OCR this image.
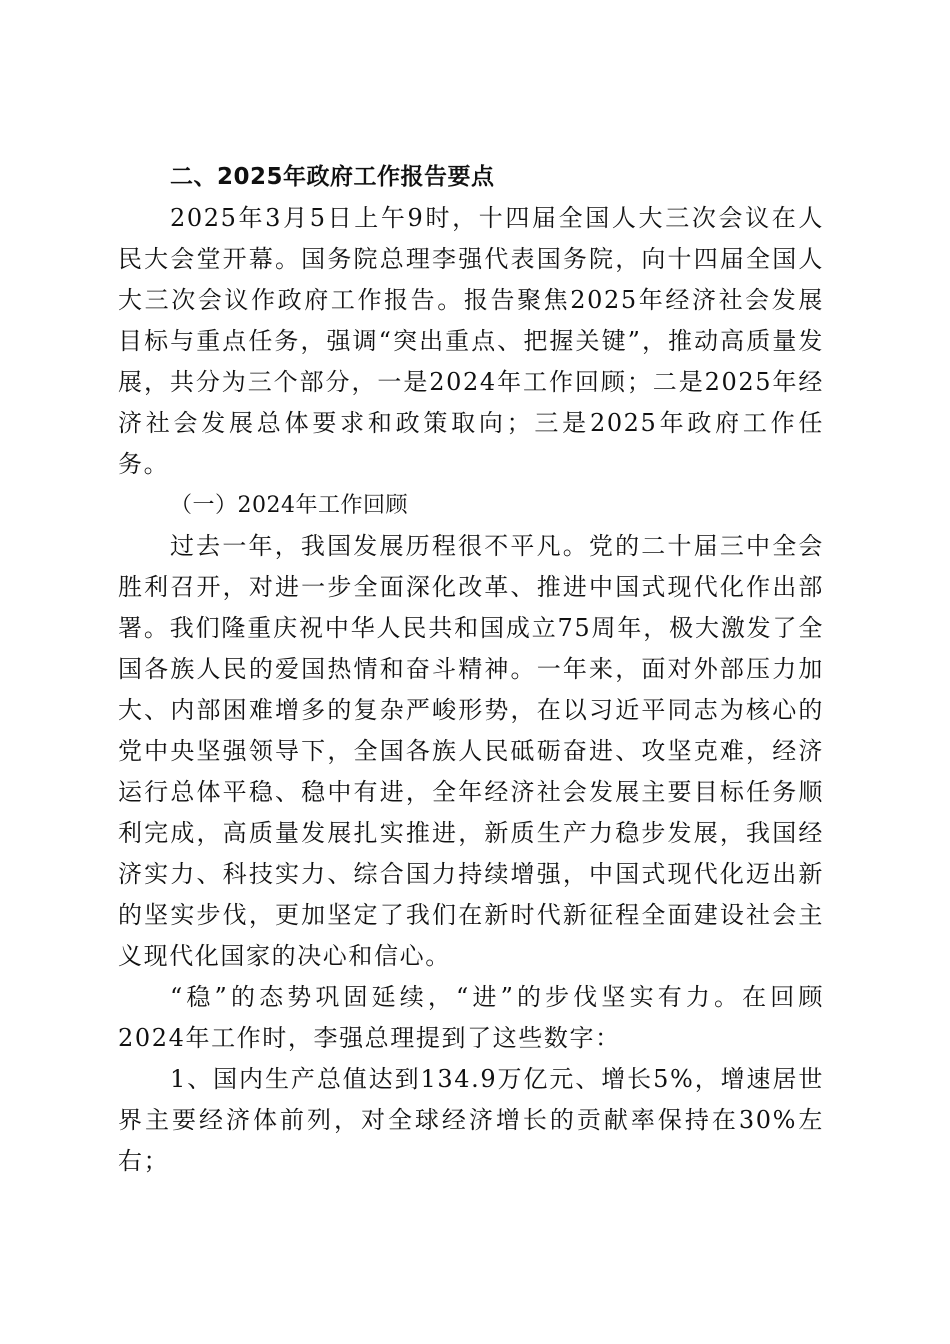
二、2025年政府工作报告要点

2025年3月5日上午9时，十四届全国人大三次会议在人民大会堂开幕。国务院总理李强代表国务院，向十四届全国人大三次会议作政府工作报告。报告聚焦2025年经济社会发展目标与重点任务，强调“突出重点、把握关键”，推动高质量发展，共分为三个部分，一是2024年工作回顾；二是2025年经济社会发展总体要求和政策取向；三是2025年政府工作任务。

（一）2024年工作回顾

过去一年，我国发展历程很不平凡。党的二十届三中全会胜利召开，对进一步全面深化改革、推进中国式现代化作出部署。我们隆重庆祝中华人民共和国成立75周年，极大激发了全国各族人民的爱国热情和奋斗精神。一年来，面对外部压力加大、内部困难增多的复杂严峻形势，在以习近平同志为核心的党中央坚强领导下，全国各族人民砥砺奋进、攻坚克难，经济运行总体平稳、稳中有进，全年经济社会发展主要目标任务顺利完成，高质量发展扎实推进，新质生产力稳步发展，我国经济实力、科技实力、综合国力持续增强，中国式现代化迈出新的坚实步伐，更加坚定了我们在新时代新征程全面建设社会主义现代化国家的决心和信心。

“稳”的态势巩固延续，“进”的步伐坚实有力。在回顾2024年工作时，李强总理提到了这些数字：

1、国内生产总值达到134.9万亿元、增长5%，增速居世界主要经济体前列，对全球经济增长的贡献率保持在30%左右；
